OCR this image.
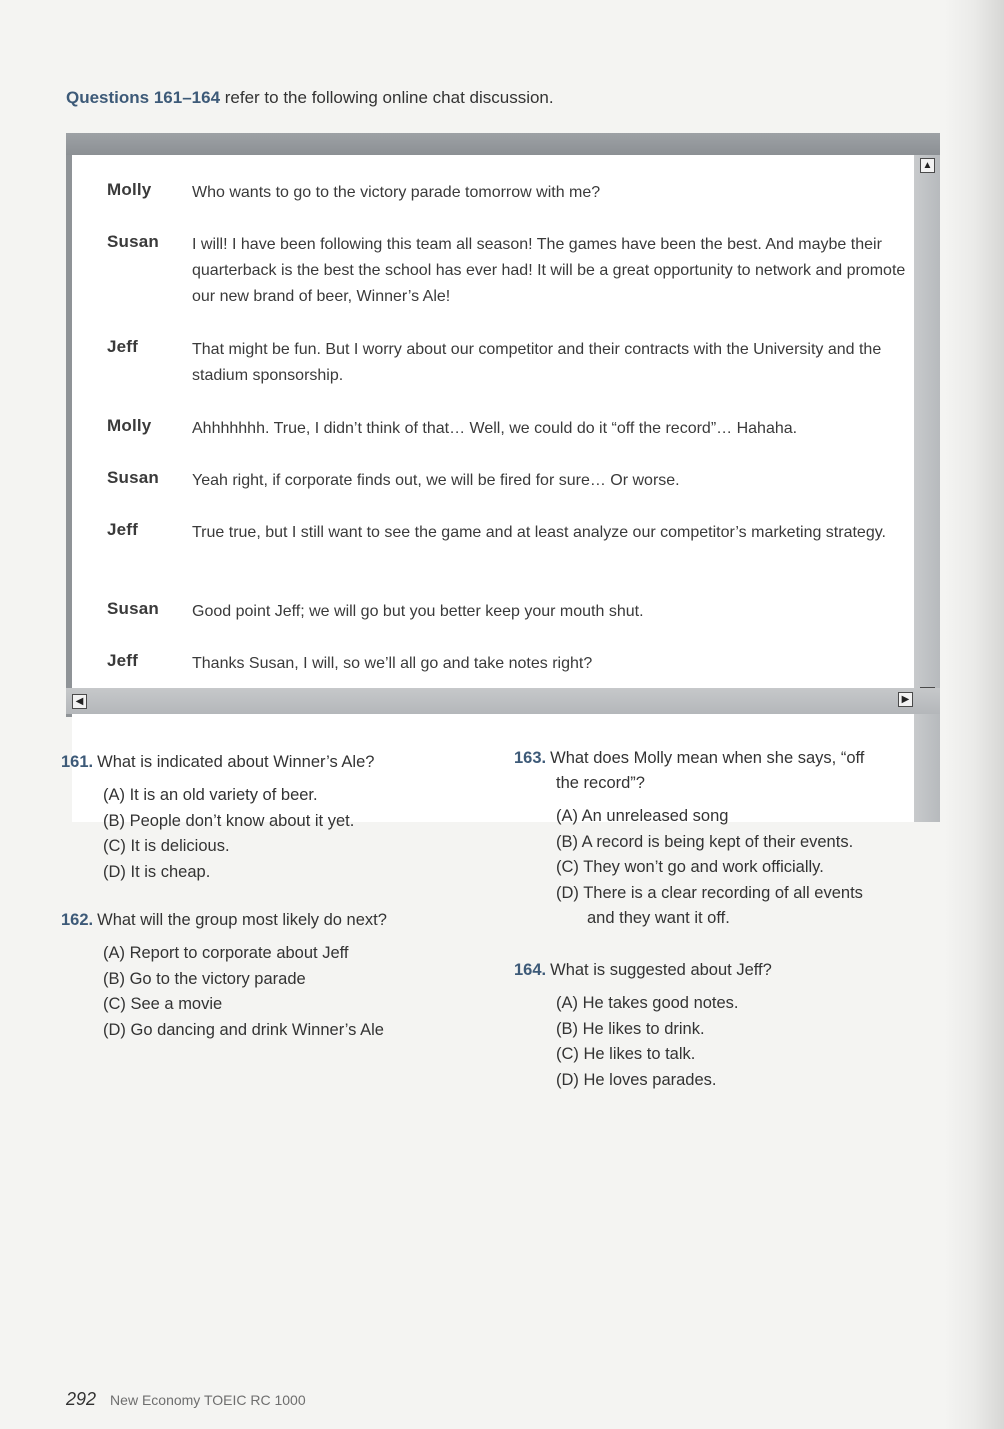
Questions 161–164 refer to the following online chat discussion.
Molly	Who wants to go to the victory parade tomorrow with me?
Susan I will! I have been following this team all season! The games have been the best. And maybe their quarterback is the best the school has ever had! It will be a great opportunity to network and promote our new brand of beer, Winner’s Ale!
Jeff	That might be fun. But I worry about our competitor and their contracts with the University and the stadium sponsorship.
Molly	Ahhhhhhh. True, I didn’t think of that… Well, we could do it “off the record”… Hahaha.
Susan Yeah right, if corporate finds out, we will be fired for sure… Or worse.
Jeff	True true, but I still want to see the game and at least analyze our competitor’s marketing strategy.
Susan Good point Jeff; we will go but you better keep your mouth shut.
Jeff	Thanks Susan, I will, so we’ll all go and take notes right?
▲
◀	▶
161. What is indicated about Winner’s Ale?
(A) It is an old variety of beer.
(B) People don’t know about it yet.
(C) It is delicious.
(D) It is cheap.
162. What will the group most likely do next?
(A) Report to corporate about Jeff
(B) Go to the victory parade
(C) See a movie
(D) Go dancing and drink Winner’s Ale
163. What does Molly mean when she says, “off
the record”?
(A) An unreleased song
(B) A record is being kept of their events.
(C) They won’t go and work officially.
(D) There is a clear recording of all events
and they want it off.
164. What is suggested about Jeff?
(A) He takes good notes.
(B) He likes to drink.
(C) He likes to talk.
(D) He loves parades.
292 New Economy TOEIC RC 1000
